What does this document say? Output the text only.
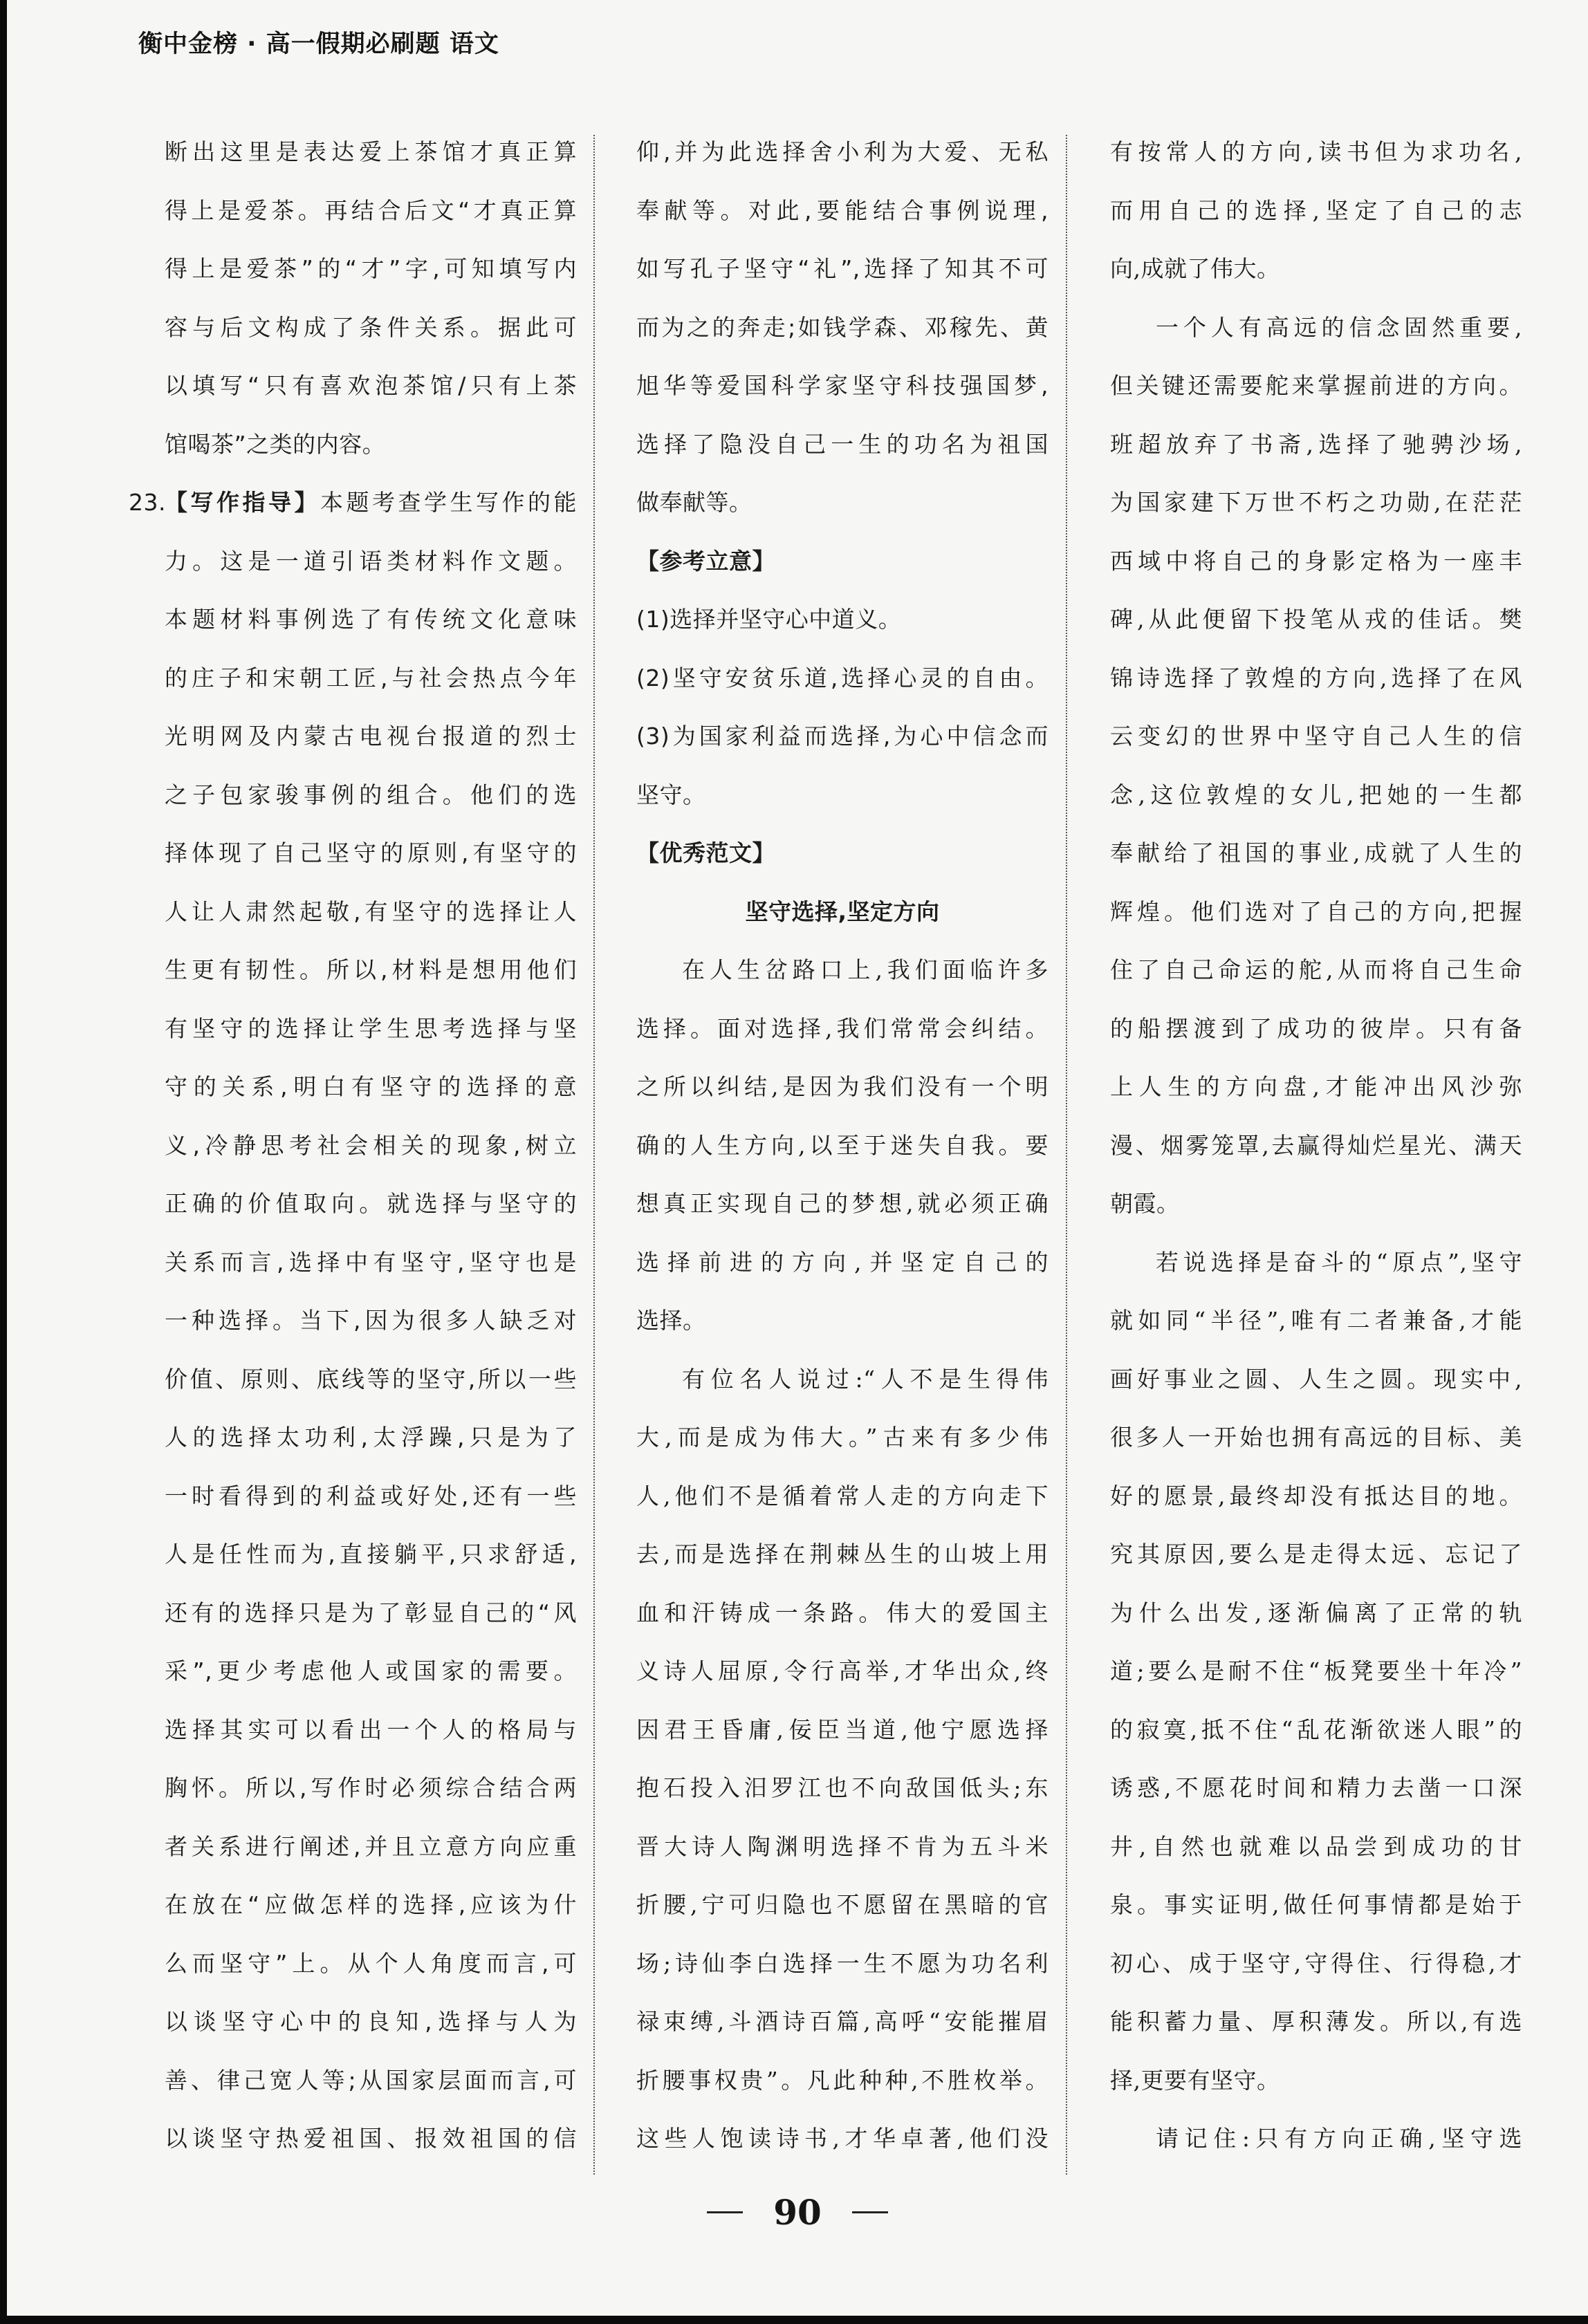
衡中金榜 · 高一假期必刷题 语文
断出这里是表达爱上茶馆才真正算
得上是爱茶。再结合后文“才真正算
得上是爱茶”的“才”字,可知填写内
容与后文构成了条件关系。据此可
以填写“只有喜欢泡茶馆/只有上茶
馆喝茶”之类的内容。
23.
【写作指导】本题考查学生写作的能
力。这是一道引语类材料作文题。
本题材料事例选了有传统文化意味
的庄子和宋朝工匠,与社会热点今年
光明网及内蒙古电视台报道的烈士
之子包家骏事例的组合。他们的选
择体现了自己坚守的原则,有坚守的
人让人肃然起敬,有坚守的选择让人
生更有韧性。所以,材料是想用他们
有坚守的选择让学生思考选择与坚
守的关系,明白有坚守的选择的意
义,冷静思考社会相关的现象,树立
正确的价值取向。就选择与坚守的
关系而言,选择中有坚守,坚守也是
一种选择。当下,因为很多人缺乏对
价值、原则、底线等的坚守,所以一些
人的选择太功利,太浮躁,只是为了
一时看得到的利益或好处,还有一些
人是任性而为,直接躺平,只求舒适,
还有的选择只是为了彰显自己的“风
采”,更少考虑他人或国家的需要。
选择其实可以看出一个人的格局与
胸怀。所以,写作时必须综合结合两
者关系进行阐述,并且立意方向应重
在放在“应做怎样的选择,应该为什
么而坚守”上。从个人角度而言,可
以谈坚守心中的良知,选择与人为
善、律己宽人等;从国家层面而言,可
以谈坚守热爱祖国、报效祖国的信
仰,并为此选择舍小利为大爱、无私
奉献等。对此,要能结合事例说理,
如写孔子坚守“礼”,选择了知其不可
而为之的奔走;如钱学森、邓稼先、黄
旭华等爱国科学家坚守科技强国梦,
选择了隐没自己一生的功名为祖国
做奉献等。
【参考立意】
(1)选择并坚守心中道义。
(2)坚守安贫乐道,选择心灵的自由。
(3)为国家利益而选择,为心中信念而
坚守。
【优秀范文】
坚守选择,坚定方向
在人生岔路口上,我们面临许多
选择。面对选择,我们常常会纠结。
之所以纠结,是因为我们没有一个明
确的人生方向,以至于迷失自我。要
想真正实现自己的梦想,就必须正确
选择前进的方向,并坚定自己的
选择。
有位名人说过:“人不是生得伟
大,而是成为伟大。”古来有多少伟
人,他们不是循着常人走的方向走下
去,而是选择在荆棘丛生的山坡上用
血和汗铸成一条路。伟大的爱国主
义诗人屈原,令行高举,才华出众,终
因君王昏庸,佞臣当道,他宁愿选择
抱石投入汨罗江也不向敌国低头;东
晋大诗人陶渊明选择不肯为五斗米
折腰,宁可归隐也不愿留在黑暗的官
场;诗仙李白选择一生不愿为功名利
禄束缚,斗酒诗百篇,高呼“安能摧眉
折腰事权贵”。凡此种种,不胜枚举。
这些人饱读诗书,才华卓著,他们没
有按常人的方向,读书但为求功名,
而用自己的选择,坚定了自己的志
向,成就了伟大。
一个人有高远的信念固然重要,
但关键还需要舵来掌握前进的方向。
班超放弃了书斋,选择了驰骋沙场,
为国家建下万世不朽之功勋,在茫茫
西域中将自己的身影定格为一座丰
碑,从此便留下投笔从戎的佳话。樊
锦诗选择了敦煌的方向,选择了在风
云变幻的世界中坚守自己人生的信
念,这位敦煌的女儿,把她的一生都
奉献给了祖国的事业,成就了人生的
辉煌。他们选对了自己的方向,把握
住了自己命运的舵,从而将自己生命
的船摆渡到了成功的彼岸。只有备
上人生的方向盘,才能冲出风沙弥
漫、烟雾笼罩,去赢得灿烂星光、满天
朝霞。
若说选择是奋斗的“原点”,坚守
就如同“半径”,唯有二者兼备,才能
画好事业之圆、人生之圆。现实中,
很多人一开始也拥有高远的目标、美
好的愿景,最终却没有抵达目的地。
究其原因,要么是走得太远、忘记了
为什么出发,逐渐偏离了正常的轨
道;要么是耐不住“板凳要坐十年冷”
的寂寞,抵不住“乱花渐欲迷人眼”的
诱惑,不愿花时间和精力去凿一口深
井,自然也就难以品尝到成功的甘
泉。事实证明,做任何事情都是始于
初心、成于坚守,守得住、行得稳,才
能积蓄力量、厚积薄发。所以,有选
择,更要有坚守。
请记住:只有方向正确,坚守选
90
